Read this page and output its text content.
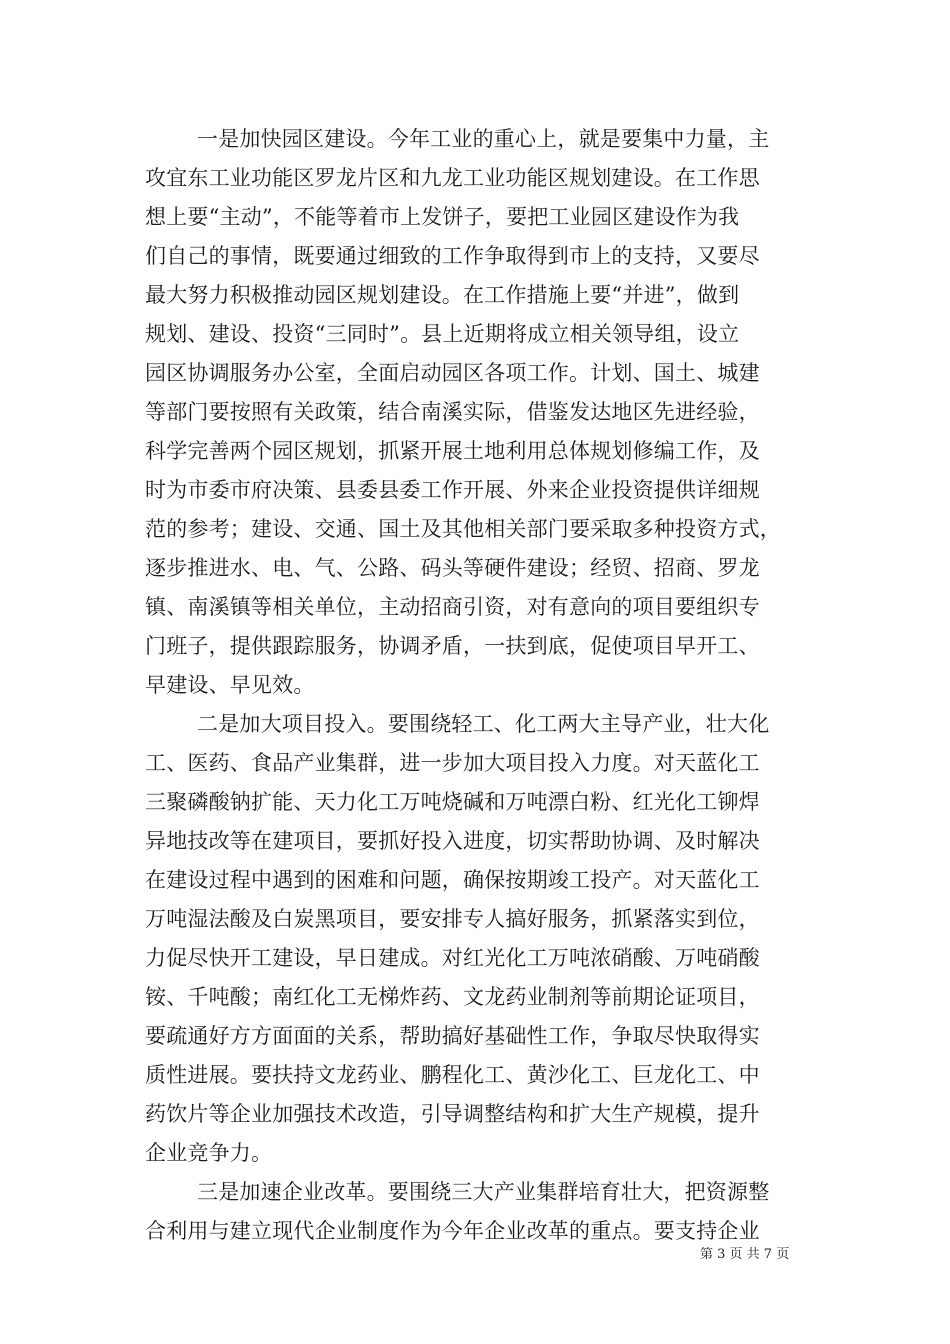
一是加快园区建设。今年工业的重心上，就是要集中力量，主
攻宜东工业功能区罗龙片区和九龙工业功能区规划建设。在工作思
想上要“主动”，不能等着市上发饼子，要把工业园区建设作为我
们自己的事情，既要通过细致的工作争取得到市上的支持，又要尽
最大努力积极推动园区规划建设。在工作措施上要“并进”，做到
规划、建设、投资“三同时”。县上近期将成立相关领导组，设立
园区协调服务办公室，全面启动园区各项工作。计划、国土、城建
等部门要按照有关政策，结合南溪实际，借鉴发达地区先进经验，
科学完善两个园区规划，抓紧开展土地利用总体规划修编工作，及
时为市委市府决策、县委县委工作开展、外来企业投资提供详细规
范的参考；建设、交通、国土及其他相关部门要采取多种投资方式，
逐步推进水、电、气、公路、码头等硬件建设；经贸、招商、罗龙
镇、南溪镇等相关单位，主动招商引资，对有意向的项目要组织专
门班子，提供跟踪服务，协调矛盾，一扶到底，促使项目早开工、
早建设、早见效。
二是加大项目投入。要围绕轻工、化工两大主导产业，壮大化
工、医药、食品产业集群，进一步加大项目投入力度。对天蓝化工
三聚磷酸钠扩能、天力化工万吨烧碱和万吨漂白粉、红光化工铆焊
异地技改等在建项目，要抓好投入进度，切实帮助协调、及时解决
在建设过程中遇到的困难和问题，确保按期竣工投产。对天蓝化工
万吨湿法酸及白炭黑项目，要安排专人搞好服务，抓紧落实到位，
力促尽快开工建设，早日建成。对红光化工万吨浓硝酸、万吨硝酸
铵、千吨酸；南红化工无梯炸药、文龙药业制剂等前期论证项目，
要疏通好方方面面的关系，帮助搞好基础性工作，争取尽快取得实
质性进展。要扶持文龙药业、鹏程化工、黄沙化工、巨龙化工、中
药饮片等企业加强技术改造，引导调整结构和扩大生产规模，提升
企业竞争力。
三是加速企业改革。要围绕三大产业集群培育壮大，把资源整
合利用与建立现代企业制度作为今年企业改革的重点。要支持企业
第 3 页 共 7 页
